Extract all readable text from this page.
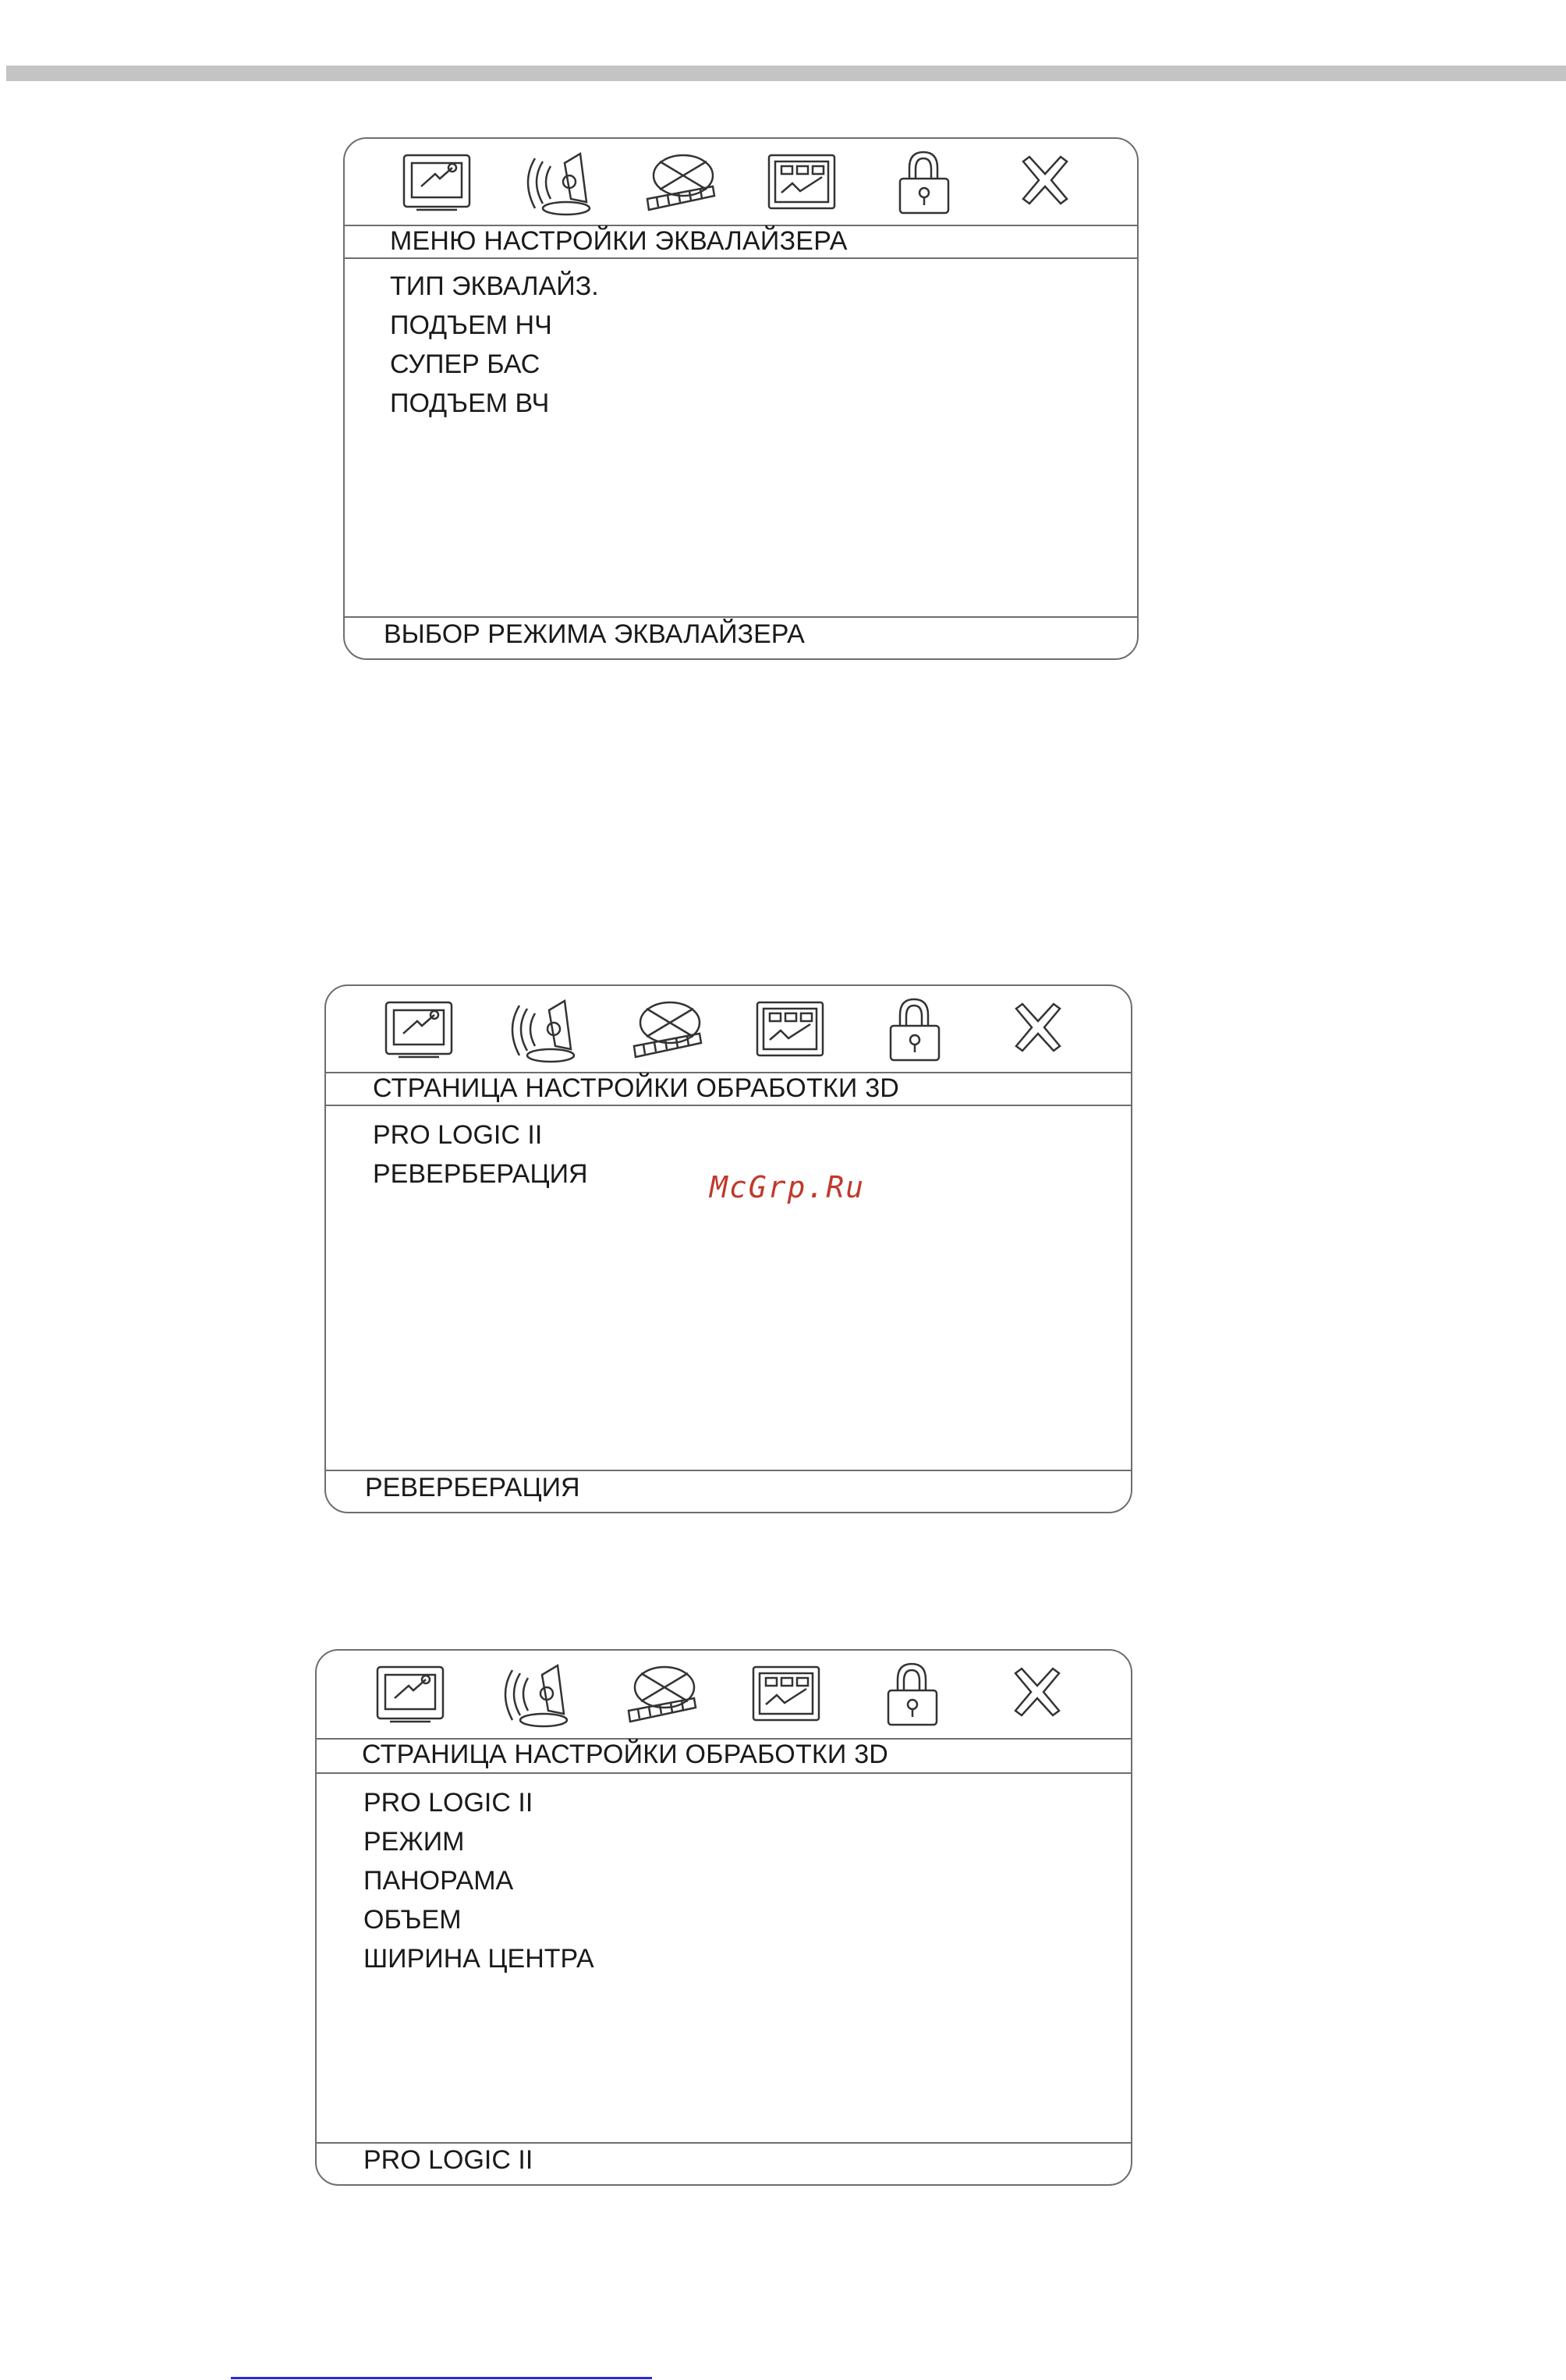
МЕНЮ НАСТРОЙКИ ЭКВАЛАЙЗЕРА
ТИП ЭКВАЛАЙЗ.
ПОДЪЕМ НЧ
СУПЕР БАС
ПОДЪЕМ ВЧ
ВЫБОР РЕЖИМА ЭКВАЛАЙЗЕРА
СТРАНИЦА НАСТРОЙКИ ОБРАБОТКИ 3D
PRO LOGIC II
РЕВЕРБЕРАЦИЯ
РЕВЕРБЕРАЦИЯ
McGrp.Ru
СТРАНИЦА НАСТРОЙКИ ОБРАБОТКИ 3D
PRO LOGIC II
РЕЖИМ
ПАНОРАМА
ОБЪЕМ
ШИРИНА ЦЕНТРА
PRO LOGIC II
